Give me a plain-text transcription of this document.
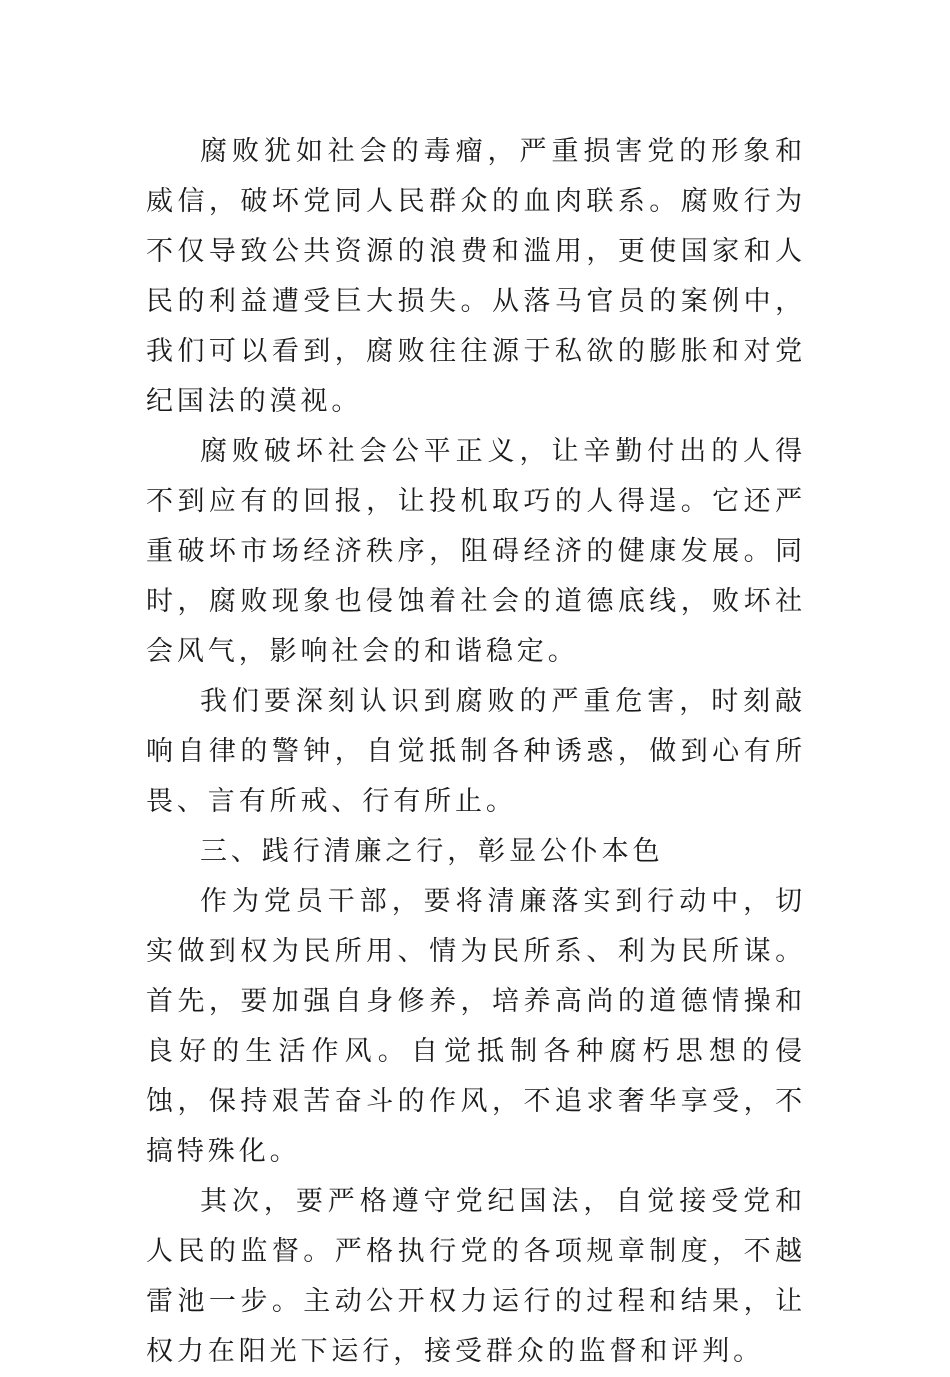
腐败犹如社会的毒瘤，严重损害党的形象和威信，破坏党同人民群众的血肉联系。腐败行为不仅导致公共资源的浪费和滥用，更使国家和人民的利益遭受巨大损失。从落马官员的案例中，我们可以看到，腐败往往源于私欲的膨胀和对党纪国法的漠视。

腐败破坏社会公平正义，让辛勤付出的人得不到应有的回报，让投机取巧的人得逞。它还严重破坏市场经济秩序，阻碍经济的健康发展。同时，腐败现象也侵蚀着社会的道德底线，败坏社会风气，影响社会的和谐稳定。

我们要深刻认识到腐败的严重危害，时刻敲响自律的警钟，自觉抵制各种诱惑，做到心有所畏、言有所戒、行有所止。

三、践行清廉之行，彰显公仆本色

作为党员干部，要将清廉落实到行动中，切实做到权为民所用、情为民所系、利为民所谋。首先，要加强自身修养，培养高尚的道德情操和良好的生活作风。自觉抵制各种腐朽思想的侵蚀，保持艰苦奋斗的作风，不追求奢华享受，不搞特殊化。

其次，要严格遵守党纪国法，自觉接受党和人民的监督。严格执行党的各项规章制度，不越雷池一步。主动公开权力运行的过程和结果，让权力在阳光下运行，接受群众的监督和评判。
